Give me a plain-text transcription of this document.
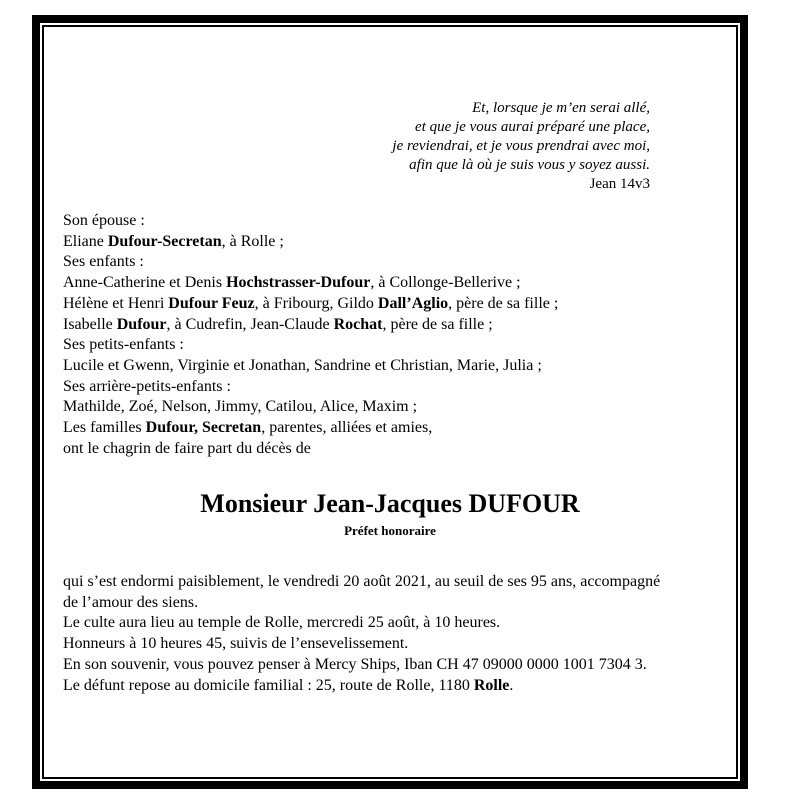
Et, lorsque je m’en serai allé,
et que je vous aurai préparé une place,
je reviendrai, et je vous prendrai avec moi,
afin que là où je suis vous y soyez aussi.
Jean 14v3
Son épouse :
Eliane Dufour-Secretan, à Rolle ;
Ses enfants :
Anne-Catherine et Denis Hochstrasser-Dufour, à Collonge-Bellerive ;
Hélène et Henri Dufour Feuz, à Fribourg, Gildo Dall’Aglio, père de sa fille ;
Isabelle Dufour, à Cudrefin, Jean-Claude Rochat, père de sa fille ;
Ses petits-enfants :
Lucile et Gwenn, Virginie et Jonathan, Sandrine et Christian, Marie, Julia ;
Ses arrière-petits-enfants :
Mathilde, Zoé, Nelson, Jimmy, Catilou, Alice, Maxim ;
Les familles Dufour, Secretan, parentes, alliées et amies,
ont le chagrin de faire part du décès de
Monsieur Jean-Jacques DUFOUR
Préfet honoraire
qui s’est endormi paisiblement, le vendredi 20 août 2021, au seuil de ses 95 ans, accompagné
de l’amour des siens.
Le culte aura lieu au temple de Rolle, mercredi 25 août, à 10 heures.
Honneurs à 10 heures 45, suivis de l’ensevelissement.
En son souvenir, vous pouvez penser à Mercy Ships, Iban CH 47 09000 0000 1001 7304 3.
Le défunt repose au domicile familial : 25, route de Rolle, 1180 Rolle.
